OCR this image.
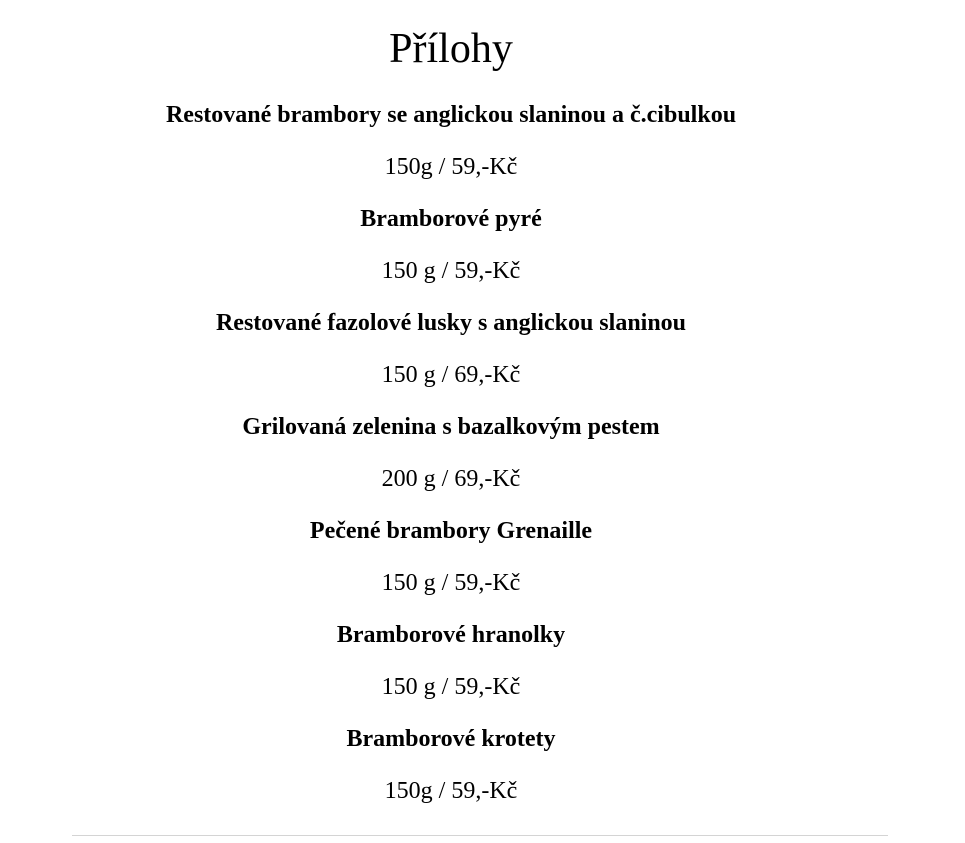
Přílohy
Restované brambory se anglickou slaninou a č.cibulkou
150g / 59,-Kč
Bramborové pyré
150 g / 59,-Kč
Restované fazolové lusky s anglickou slaninou
150 g / 69,-Kč
Grilovaná zelenina s bazalkovým pestem
200 g / 69,-Kč
Pečené brambory Grenaille
150 g / 59,-Kč
Bramborové hranolky
150 g / 59,-Kč
Bramborové krotety
150g / 59,-Kč
